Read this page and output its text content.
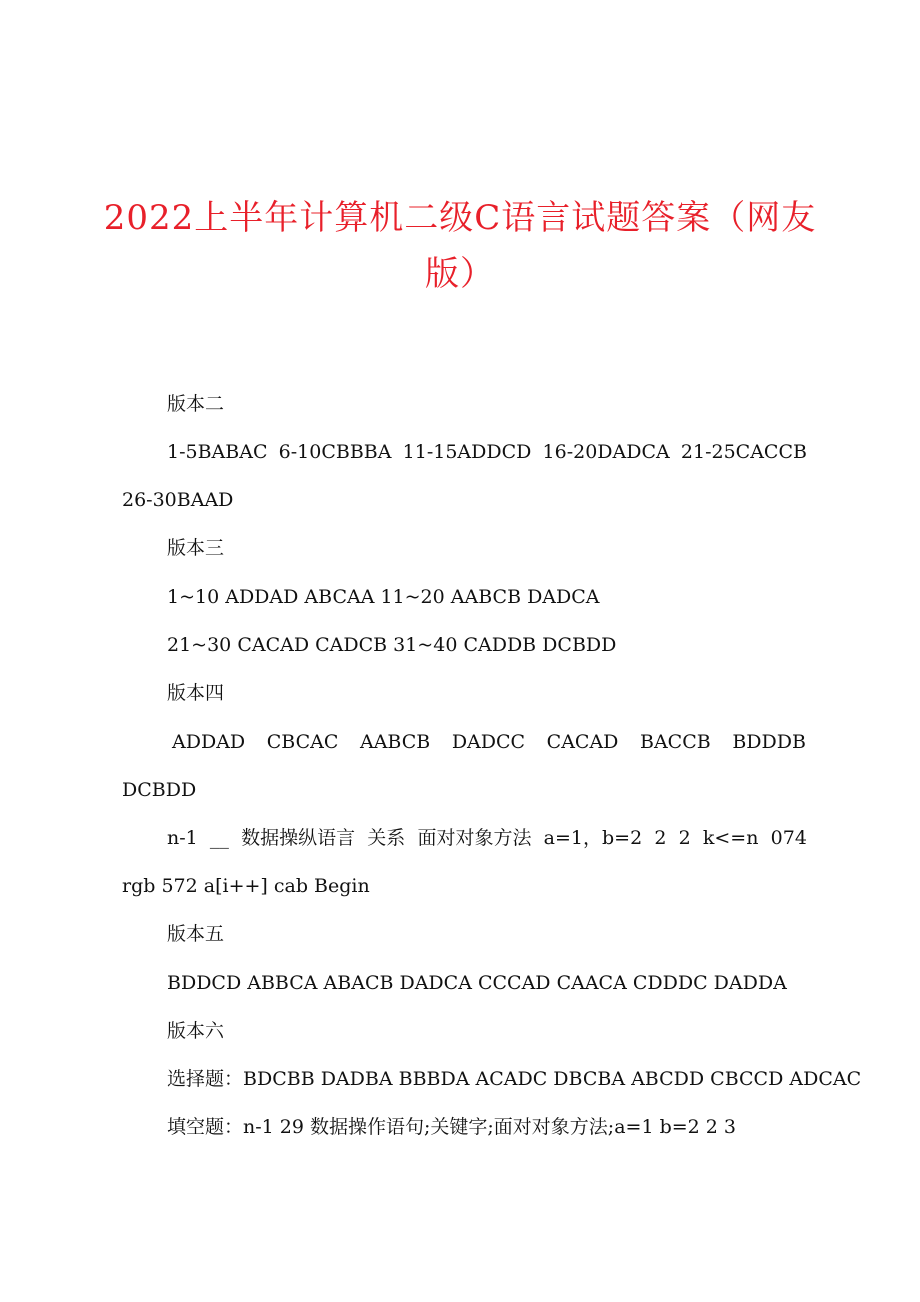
2022上半年计算机二级C语言试题答案（网友版）
版本二
1-5BABAC 6-10CBBBA 11-15ADDCD 16-20DADCA 21-25CACCB
26-30BAAD
版本三
1~10 ADDAD ABCAA 11~20 AABCB DADCA
21~30 CACAD CADCB 31~40 CADDB DCBDD
版本四
ADDAD CBCAC AABCB DADCC CACAD BACCB BDDDB
DCBDD
n-1 __ 数据操纵语言 关系 面对对象方法 a=1，b=2 2 2 k<=n 074
rgb 572 a[i++] cab Begin
版本五
BDDCD ABBCA ABACB DADCA CCCAD CAACA CDDDC DADDA
版本六
选择题：BDCBB DADBA BBBDA ACADC DBCBA ABCDD CBCCD ADCAC
填空题：n-1 29 数据操作语句;关键字;面对对象方法;a=1 b=2 2 3
